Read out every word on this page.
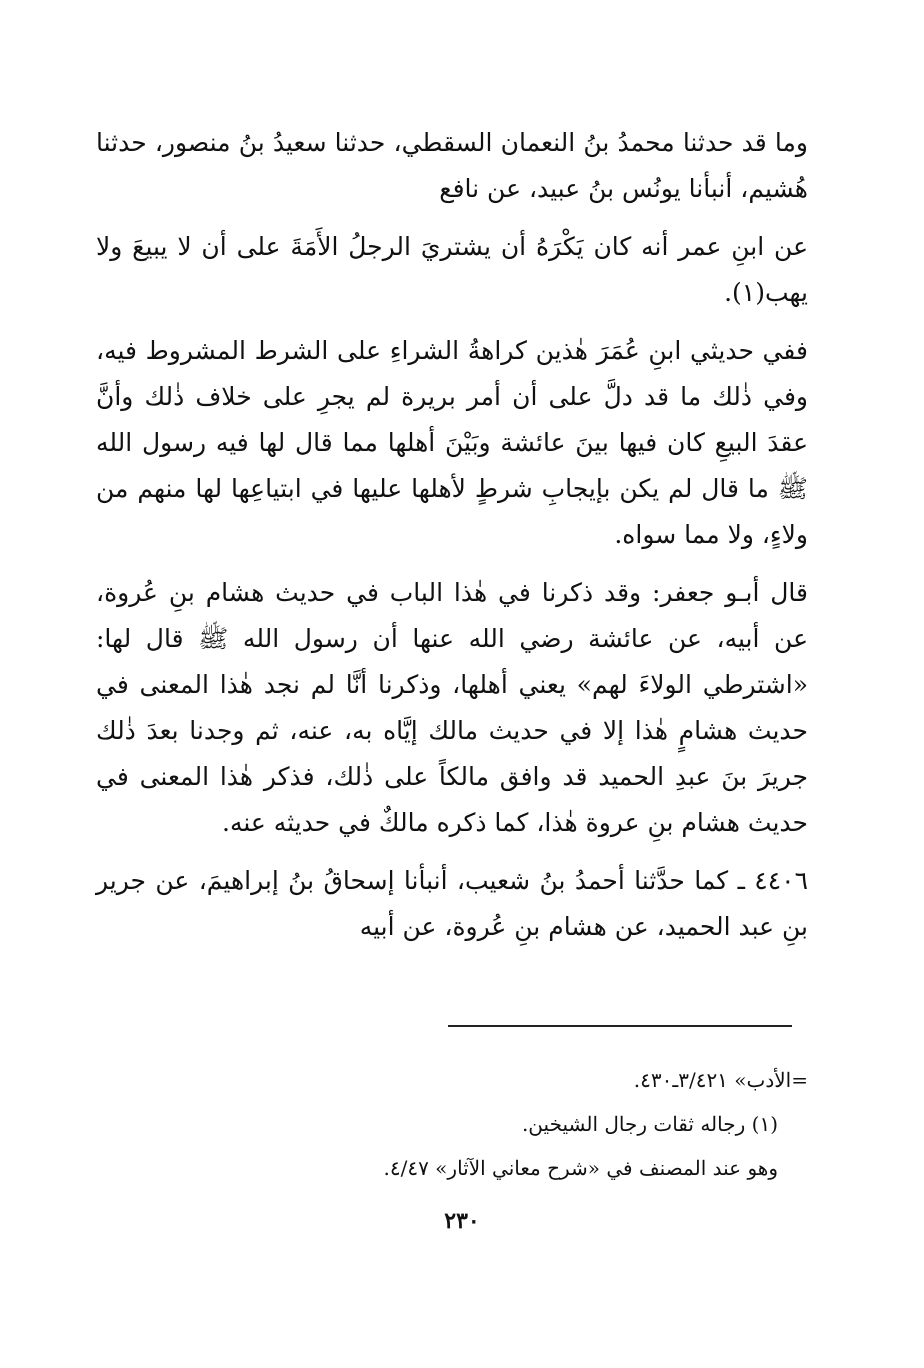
وما قد حدثنا محمدُ بنُ النعمان السقطي، حدثنا سعيدُ بنُ منصور، حدثنا هُشيم، أنبأنا يونُس بنُ عبيد، عن نافع

عن ابنِ عمر أنه كان يَكْرَهُ أن يشتريَ الرجلُ الأَمَةَ على أن لا يبيعَ ولا يهب(١).

ففي حديثي ابنِ عُمَرَ هٰذين كراهةُ الشراءِ على الشرط المشروط فيه، وفي ذٰلك ما قد دلَّ على أن أمر بريرة لم يجرِ على خلاف ذٰلك وأنَّ عقدَ البيعِ كان فيها بينَ عائشة وبَيْنَ أهلها مما قال لها فيه رسول الله ﷺ ما قال لم يكن بإيجابِ شرطٍ لأهلها عليها في ابتياعِها لها منهم من ولاءٍ، ولا مما سواه.

قال أبـو جعفر: وقد ذكرنا في هٰذا الباب في حديث هشام بنِ عُروة، عن أبيه، عن عائشة رضي الله عنها أن رسول الله ﷺ قال لها: «اشترطي الولاءَ لهم» يعني أهلها، وذكرنا أنَّا لم نجد هٰذا المعنى في حديث هشامٍ هٰذا إلا في حديث مالك إيَّاه به، عنه، ثم وجدنا بعدَ ذٰلك جريرَ بنَ عبدِ الحميد قد وافق مالكاً على ذٰلك، فذكر هٰذا المعنى في حديث هشام بنِ عروة هٰذا، كما ذكره مالكٌ في حديثه عنه.

٤٤٠٦ ـ كما حدَّثنا أحمدُ بنُ شعيب، أنبأنا إسحاقُ بنُ إبراهيمَ، عن جرير بنِ عبد الحميد، عن هشام بنِ عُروة، عن أبيه

=الأدب» ٣/٤٢١ـ٤٣٠.

(١) رجاله ثقات رجال الشيخين.

وهو عند المصنف في «شرح معاني الآثار» ٤/٤٧.

٢٣٠
